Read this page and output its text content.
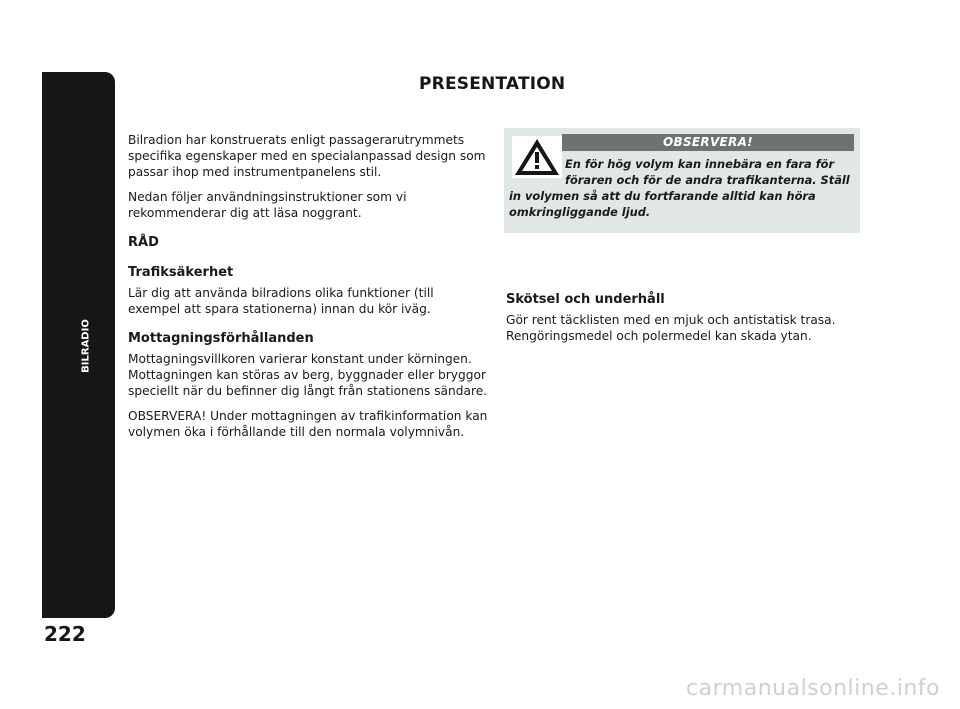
BILRADIO
222
PRESENTATION

Bilradion har konstruerats enligt passagerarutrymmets specifika egenskaper med en specialanpassad design som passar ihop med instrumentpanelens stil.

Nedan följer användningsinstruktioner som vi rekommenderar dig att läsa noggrant.

RÅD
Trafiksäkerhet

Lär dig att använda bilradions olika funktioner (till exempel att spara stationerna) innan du kör iväg.

Mottagningsförhållanden

Mottagningsvillkoren varierar konstant under körningen. Mottagningen kan störas av berg, byggnader eller bryggor speciellt när du befinner dig långt från stationens sändare.

OBSERVERA! Under mottagningen av trafikinformation kan volymen öka i förhållande till den normala volymnivån.

OBSERVERA!
En för hög volym kan innebära en fara för
föraren och för de andra trafikanterna. Ställ
in volymen så att du fortfarande alltid kan höra omkringliggande ljud.
Skötsel och underhåll

Gör rent täcklisten med en mjuk och antistatisk trasa. Rengöringsmedel och polermedel kan skada ytan.

carmanualsonline.info
